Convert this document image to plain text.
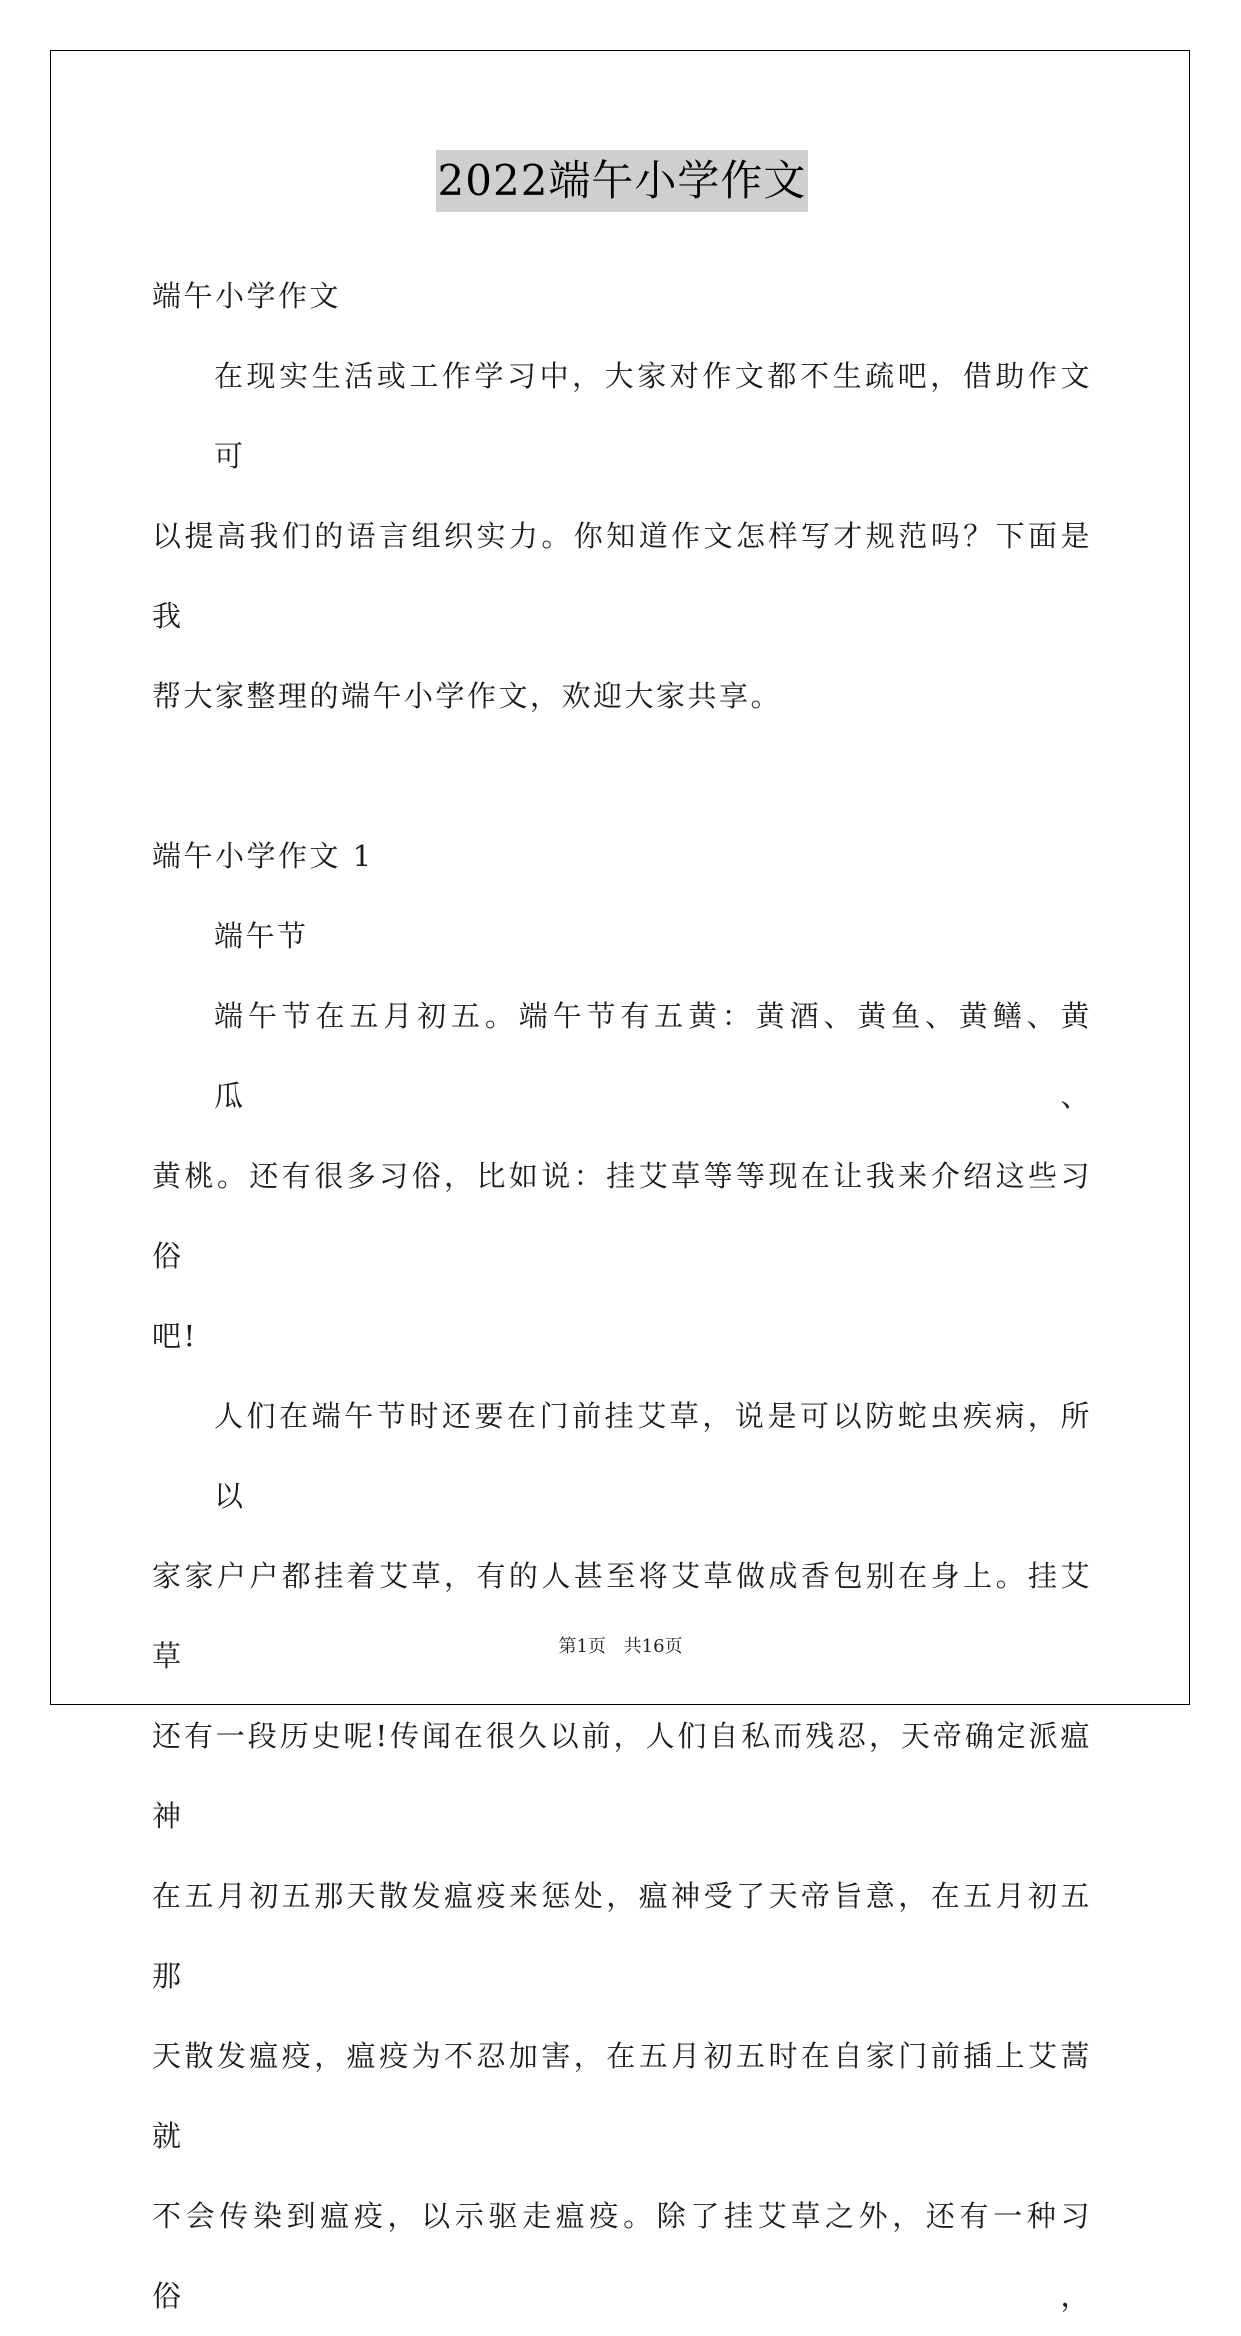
2022端午小学作文

端午小学作文

在现实生活或工作学习中，大家对作文都不生疏吧，借助作文可

以提高我们的语言组织实力。你知道作文怎样写才规范吗？下面是我

帮大家整理的端午小学作文，欢迎大家共享。

端午小学作文 1

端午节

端午节在五月初五。端午节有五黄：黄酒、黄鱼、黄鳝、黄瓜、

黄桃。还有很多习俗，比如说：挂艾草等等现在让我来介绍这些习俗

吧!

人们在端午节时还要在门前挂艾草，说是可以防蛇虫疾病，所以

家家户户都挂着艾草，有的人甚至将艾草做成香包别在身上。挂艾草

还有一段历史呢!传闻在很久以前，人们自私而残忍，天帝确定派瘟神

在五月初五那天散发瘟疫来惩处，瘟神受了天帝旨意，在五月初五那

天散发瘟疫，瘟疫为不忍加害，在五月初五时在自家门前插上艾蒿就

不会传染到瘟疫，以示驱走瘟疫。除了挂艾草之外，还有一种习俗，

第1页 共16页
